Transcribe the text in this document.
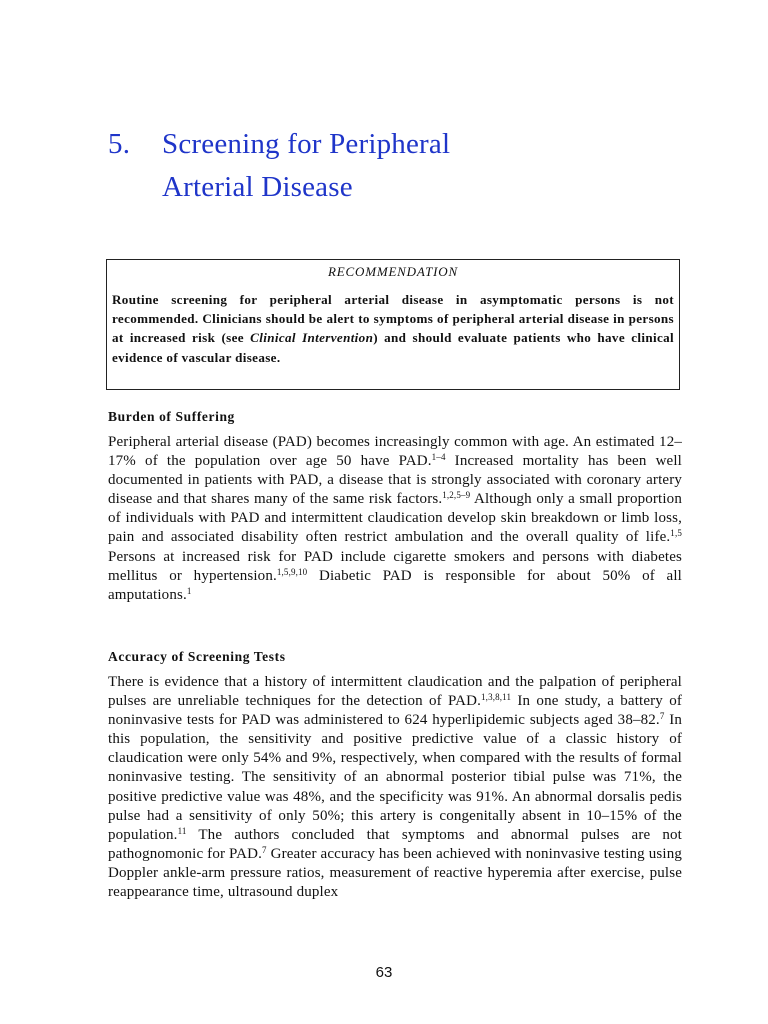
5. Screening for Peripheral
Arterial Disease
RECOMMENDATION
Routine screening for peripheral arterial disease in asymptomatic persons is not recommended. Clinicians should be alert to symptoms of peripheral arterial disease in persons at increased risk (see Clinical Intervention) and should evaluate patients who have clinical evidence of vascular disease.
Burden of Suffering
Peripheral arterial disease (PAD) becomes increasingly common with age. An estimated 12–17% of the population over age 50 have PAD.$^{1-4}$ Increased mortality has been well documented in patients with PAD, a disease that is strongly associated with coronary artery disease and that shares many of the same risk factors.$^{1,2,5-9}$ Although only a small proportion of individuals with PAD and intermittent claudication develop skin breakdown or limb loss, pain and associated disability often restrict ambulation and the overall quality of life.$^{1,5}$ Persons at increased risk for PAD include cigarette smokers and persons with diabetes mellitus or hypertension.$^{1,5,9,10}$ Diabetic PAD is responsible for about 50% of all amputations.$^1$
Accuracy of Screening Tests
There is evidence that a history of intermittent claudication and the palpation of peripheral pulses are unreliable techniques for the detection of PAD.$^{1,3,8,11}$ In one study, a battery of noninvasive tests for PAD was administered to 624 hyperlipidemic subjects aged 38–82.$^7$ In this population, the sensitivity and positive predictive value of a classic history of claudication were only 54% and 9%, respectively, when compared with the results of formal noninvasive testing. The sensitivity of an abnormal posterior tibial pulse was 71%, the positive predictive value was 48%, and the specificity was 91%. An abnormal dorsalis pedis pulse had a sensitivity of only 50%; this artery is congenitally absent in 10–15% of the population.$^{11}$ The authors concluded that symptoms and abnormal pulses are not pathognomonic for PAD.$^7$ Greater accuracy has been achieved with noninvasive testing using Doppler ankle-arm pressure ratios, measurement of reactive hyperemia after exercise, pulse reappearance time, ultrasound duplex
63
